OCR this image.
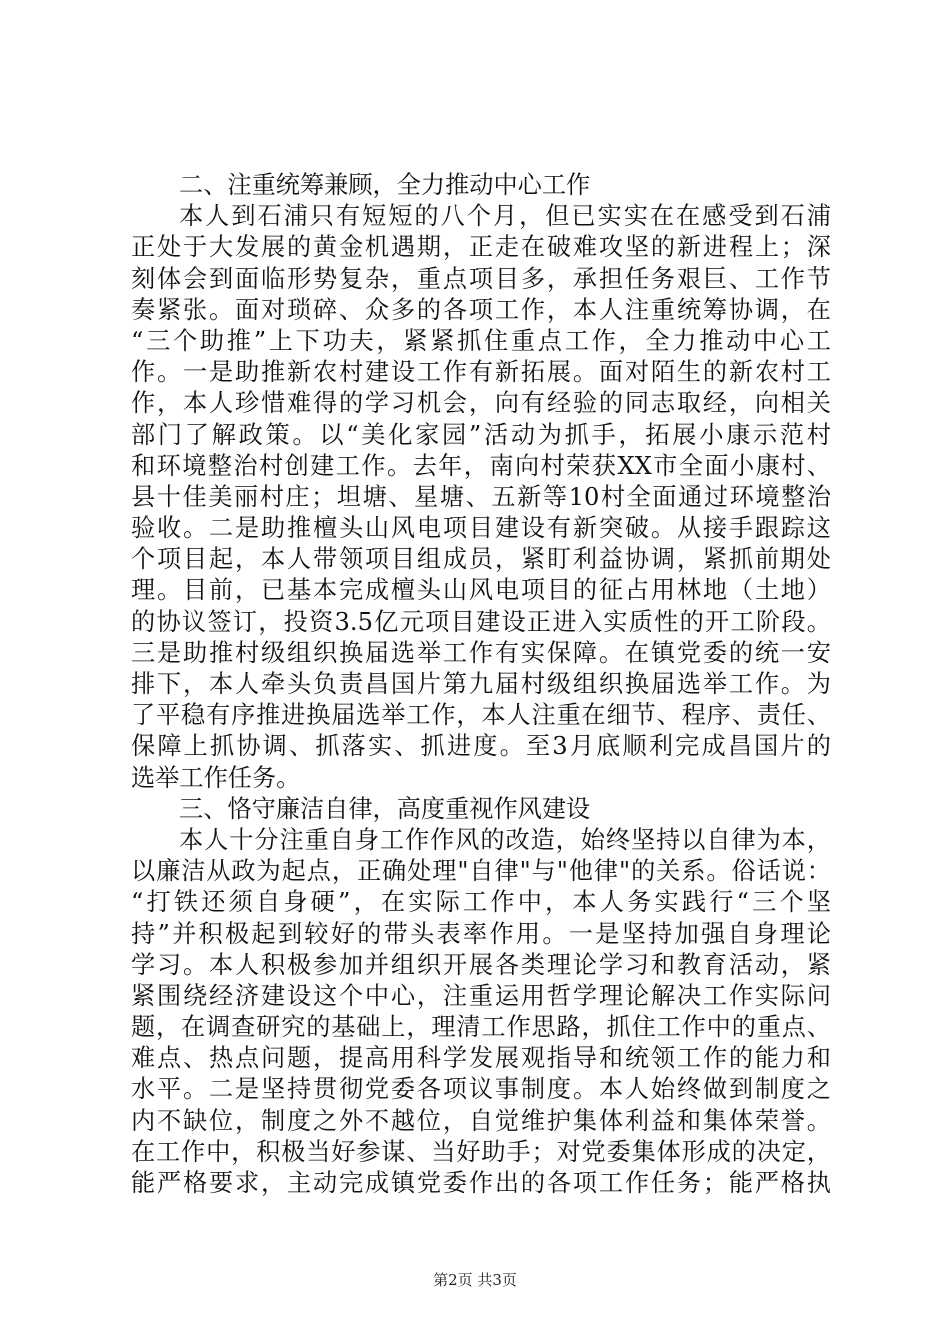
二、注重统筹兼顾，全力推动中心工作
本人到石浦只有短短的八个月，但已实实在在感受到石浦
正处于大发展的黄金机遇期，正走在破难攻坚的新进程上；深
刻体会到面临形势复杂，重点项目多，承担任务艰巨、工作节
奏紧张。面对琐碎、众多的各项工作，本人注重统筹协调，在
“三个助推”上下功夫，紧紧抓住重点工作，全力推动中心工
作。一是助推新农村建设工作有新拓展。面对陌生的新农村工
作，本人珍惜难得的学习机会，向有经验的同志取经，向相关
部门了解政策。以“美化家园”活动为抓手，拓展小康示范村
和环境整治村创建工作。去年，南向村荣获XX市全面小康村、
县十佳美丽村庄；坦塘、星塘、五新等10村全面通过环境整治
验收。二是助推檀头山风电项目建设有新突破。从接手跟踪这
个项目起，本人带领项目组成员，紧盯利益协调，紧抓前期处
理。目前，已基本完成檀头山风电项目的征占用林地（土地）
的协议签订，投资3.5亿元项目建设正进入实质性的开工阶段。
三是助推村级组织换届选举工作有实保障。在镇党委的统一安
排下，本人牵头负责昌国片第九届村级组织换届选举工作。为
了平稳有序推进换届选举工作，本人注重在细节、程序、责任、
保障上抓协调、抓落实、抓进度。至3月底顺利完成昌国片的
选举工作任务。
三、恪守廉洁自律，高度重视作风建设
本人十分注重自身工作作风的改造，始终坚持以自律为本，
以廉洁从政为起点，正确处理"自律"与"他律"的关系。俗话说：
“打铁还须自身硬”，在实际工作中，本人务实践行“三个坚
持”并积极起到较好的带头表率作用。一是坚持加强自身理论
学习。本人积极参加并组织开展各类理论学习和教育活动，紧
紧围绕经济建设这个中心，注重运用哲学理论解决工作实际问
题，在调查研究的基础上，理清工作思路，抓住工作中的重点、
难点、热点问题，提高用科学发展观指导和统领工作的能力和
水平。二是坚持贯彻党委各项议事制度。本人始终做到制度之
内不缺位，制度之外不越位，自觉维护集体利益和集体荣誉。
在工作中，积极当好参谋、当好助手；对党委集体形成的决定，
能严格要求，主动完成镇党委作出的各项工作任务；能严格执
第2页 共3页
